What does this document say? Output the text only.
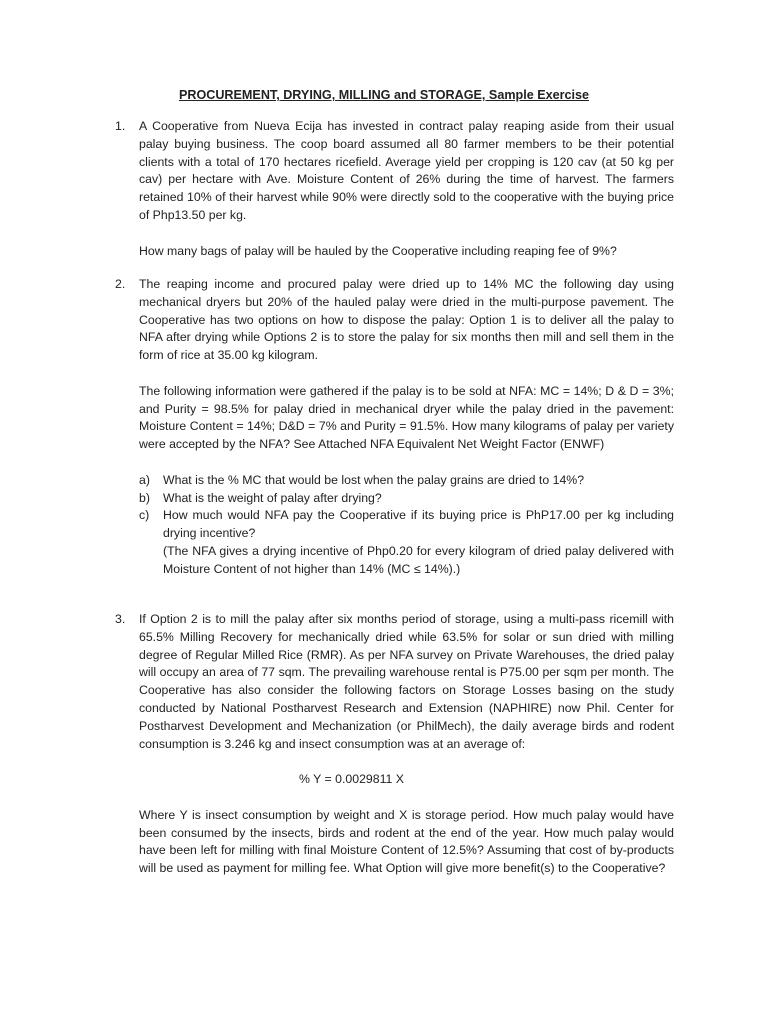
PROCUREMENT, DRYING, MILLING and STORAGE, Sample Exercise
1.	A Cooperative from Nueva Ecija has invested in contract palay reaping aside from their usual palay buying business. The coop board assumed all 80 farmer members to be their potential clients with a total of 170 hectares ricefield. Average yield per cropping is 120 cav (at 50 kg per cav) per hectare with Ave. Moisture Content of 26% during the time of harvest. The farmers retained 10% of their harvest while 90% were directly sold to the cooperative with the buying price of Php13.50 per kg.

How many bags of palay will be hauled by the Cooperative including reaping fee of 9%?

2.	The reaping income and procured palay were dried up to 14% MC the following day using mechanical dryers but 20% of the hauled palay were dried in the multi-purpose pavement. The Cooperative has two options on how to dispose the palay: Option 1 is to deliver all the palay to NFA after drying while Options 2 is to store the palay for six months then mill and sell them in the form of rice at 35.00 kg kilogram.

The following information were gathered if the palay is to be sold at NFA: MC = 14%; D & D = 3%; and Purity = 98.5% for palay dried in mechanical dryer while the palay dried in the pavement: Moisture Content = 14%; D&D = 7% and Purity = 91.5%. How many kilograms of palay per variety were accepted by the NFA? See Attached NFA Equivalent Net Weight Factor (ENWF)

a) What is the % MC that would be lost when the palay grains are dried to 14%?
b) What is the weight of palay after drying?
c) How much would NFA pay the Cooperative if its buying price is PhP17.00 per kg including drying incentive?
(The NFA gives a drying incentive of Php0.20 for every kilogram of dried palay delivered with Moisture Content of not higher than 14% (MC ≤ 14%).)
3.	If Option 2 is to mill the palay after six months period of storage, using a multi-pass ricemill with 65.5% Milling Recovery for mechanically dried while 63.5% for solar or sun dried with milling degree of Regular Milled Rice (RMR). As per NFA survey on Private Warehouses, the dried palay will occupy an area of 77 sqm. The prevailing warehouse rental is P75.00 per sqm per month. The Cooperative has also consider the following factors on Storage Losses basing on the study conducted by National Postharvest Research and Extension (NAPHIRE) now Phil. Center for Postharvest Development and Mechanization (or PhilMech), the daily average birds and rodent consumption is 3.246 kg and insect consumption was at an average of:

% Y = 0.0029811 X

Where Y is insect consumption by weight and X is storage period. How much palay would have been consumed by the insects, birds and rodent at the end of the year. How much palay would have been left for milling with final Moisture Content of 12.5%? Assuming that cost of by-products will be used as payment for milling fee. What Option will give more benefit(s) to the Cooperative?
